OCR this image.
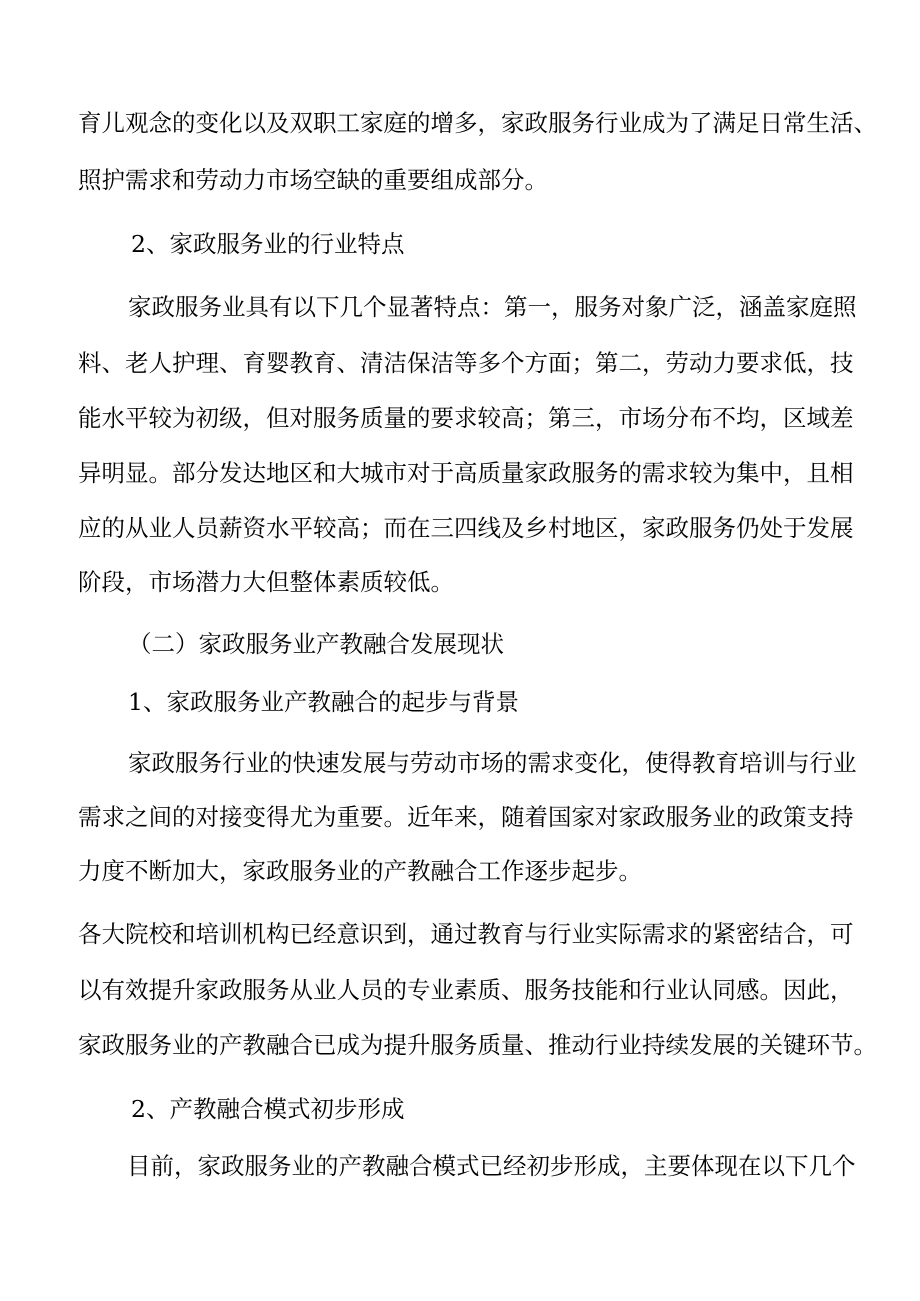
育儿观念的变化以及双职工家庭的增多，家政服务行业成为了满足日常生活、
照护需求和劳动力市场空缺的重要组成部分。
2、家政服务业的行业特点
家政服务业具有以下几个显著特点：第一，服务对象广泛，涵盖家庭照
料、老人护理、育婴教育、清洁保洁等多个方面；第二，劳动力要求低，技
能水平较为初级，但对服务质量的要求较高；第三，市场分布不均，区域差
异明显。部分发达地区和大城市对于高质量家政服务的需求较为集中，且相
应的从业人员薪资水平较高；而在三四线及乡村地区，家政服务仍处于发展
阶段，市场潜力大但整体素质较低。
（二）家政服务业产教融合发展现状
1、家政服务业产教融合的起步与背景
家政服务行业的快速发展与劳动市场的需求变化，使得教育培训与行业
需求之间的对接变得尤为重要。近年来，随着国家对家政服务业的政策支持
力度不断加大，家政服务业的产教融合工作逐步起步。
各大院校和培训机构已经意识到，通过教育与行业实际需求的紧密结合，可
以有效提升家政服务从业人员的专业素质、服务技能和行业认同感。因此，
家政服务业的产教融合已成为提升服务质量、推动行业持续发展的关键环节。
2、产教融合模式初步形成
目前，家政服务业的产教融合模式已经初步形成，主要体现在以下几个
